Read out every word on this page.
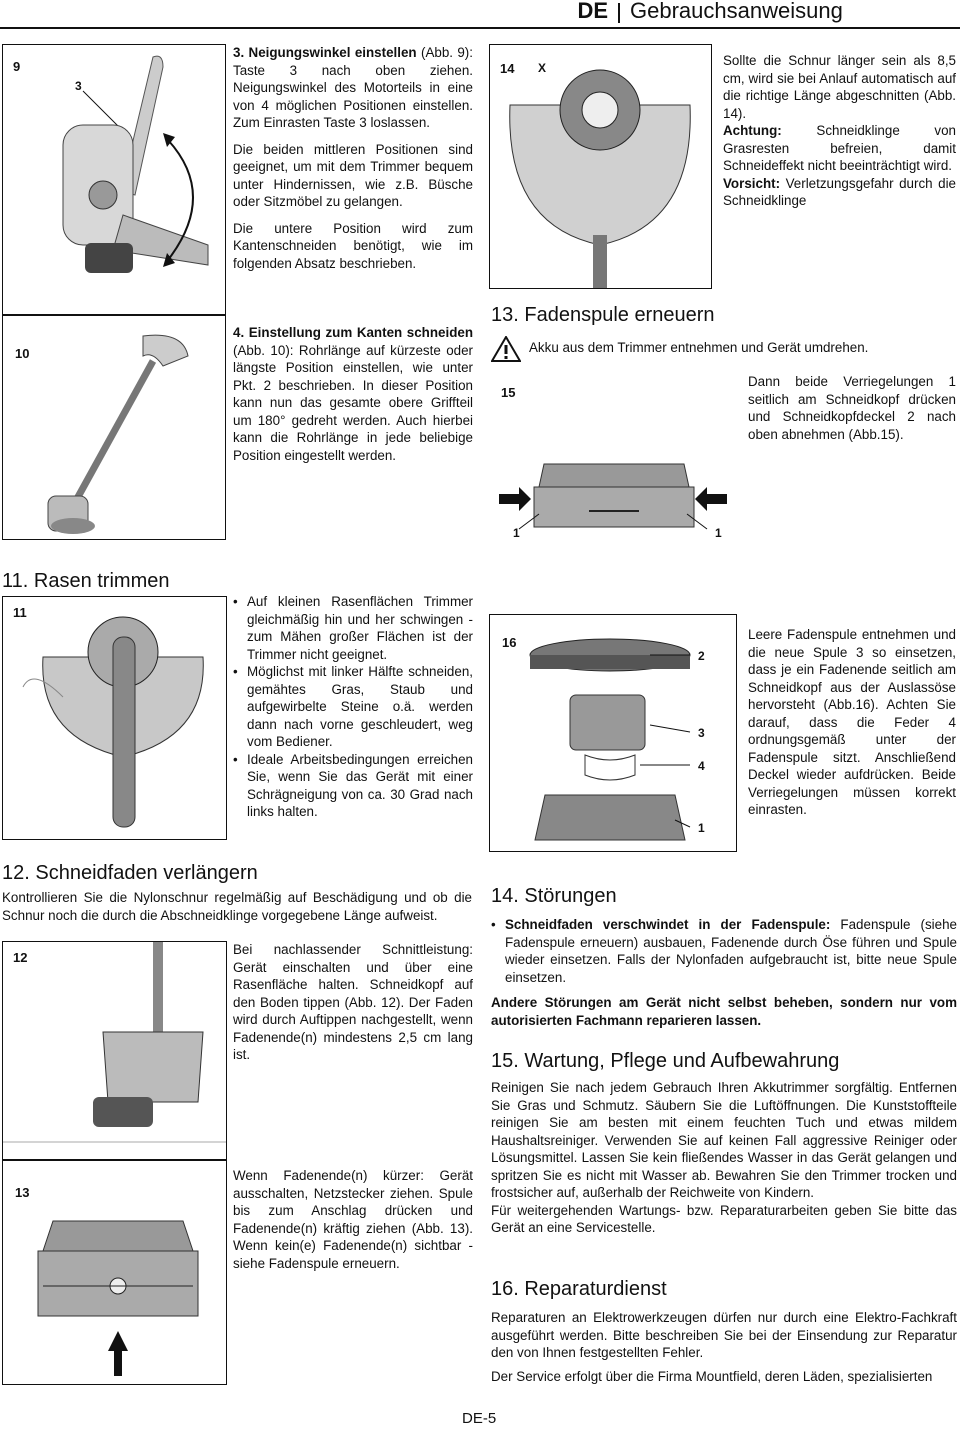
DE Gebrauchsanweisung
9
3
10

3. Neigungswinkel einstellen (Abb. 9): Taste 3 nach oben ziehen. Neigungswinkel des Motorteils in eine von 4 möglichen Positionen einstellen. Zum Einrasten Taste 3 loslassen.

Die beiden mittleren Positionen sind geeignet, um mit dem Trimmer bequem unter Hindernissen, wie z.B. Büsche oder Sitzmöbel zu gelangen.

Die untere Position wird zum Kantenschneiden benötigt, wie im folgenden Absatz beschrieben.

4. Einstellung zum Kanten schneiden (Abb. 10): Rohrlänge auf kürzeste oder längste Position einstellen, wie unter Pkt. 2 beschrieben. In dieser Position kann nun das gesamte obere Griffteil um 180° gedreht werden. Auch hierbei kann die Rohrlänge in jede beliebige Position eingestellt werden.

14 X	Sollte die Schnur länger sein als 8,5 cm, wird sie bei Anlauf automatisch auf die richtige Länge abgeschnitten (Abb. 14).

Achtung: Schneidklinge von Grasresten befreien, damit Schneideffekt nicht beeinträchtigt wird.

Vorsicht: Verletzungsgefahr durch die Schneidklinge

13. Fadenspule erneuern
Akku aus dem Trimmer entnehmen und Gerät umdrehen.
15
1	1
Dann beide Verriegelungen 1 seitlich am Schneidkopf drücken und Schneidkopfdeckel 2 nach oben abnehmen (Abb.15).
11. Rasen trimmen
11
• Auf kleinen Rasenflächen Trimmer gleichmäßig hin und her schwingen - zum Mähen großer Flächen ist der Trimmer nicht geeignet.
• Möglichst mit linker Hälfte schneiden, gemähtes Gras, Staub und aufgewirbelte Steine o.ä. werden dann nach vorne geschleudert, weg vom Bediener.
• Ideale Arbeitsbedingungen erreichen Sie, wenn Sie das Gerät mit einer Schrägneigung von ca. 30 Grad nach links halten.
16
2
3
4
1
Leere Fadenspule entnehmen und die neue Spule 3 so einsetzen, dass je ein Fadenende seitlich am Schneidkopf aus der Auslassöse hervorsteht (Abb.16). Achten Sie darauf, dass die Feder 4 ordnungsgemäß unter der Fadenspule sitzt. Anschließend Deckel wieder aufdrücken. Beide Verriegelungen müssen korrekt einrasten.
12. Schneidfaden verlängern
Kontrollieren Sie die Nylonschnur regelmäßig auf Beschädigung und ob die Schnur noch die durch die Abschneidklinge vorgegebene Länge aufweist.
12
Bei nachlassender Schnittleistung: Gerät einschalten und über eine Rasenfläche halten. Schneidkopf auf den Boden tippen (Abb. 12). Der Faden wird durch Auftippen nachgestellt, wenn Fadenende(n) mindestens 2,5 cm lang ist.
13
Wenn Fadenende(n) kürzer: Gerät ausschalten, Netzstecker ziehen. Spule bis zum Anschlag drücken und Fadenende(n) kräftig ziehen (Abb. 13). Wenn kein(e) Fadenende(n) sichtbar - siehe Fadenspule erneuern.
14. Störungen
• Schneidfaden verschwindet in der Fadenspule: Fadenspule (siehe Fadenspule erneuern) ausbauen, Fadenende durch Öse führen und Spule wieder einsetzen. Falls der Nylonfaden aufgebraucht ist, bitte neue Spule einsetzen.

Andere Störungen am Gerät nicht selbst beheben, sondern nur vom autorisierten Fachmann reparieren lassen.

15. Wartung, Pflege und Aufbewahrung

Reinigen Sie nach jedem Gebrauch Ihren Akkutrimmer sorgfältig. Entfernen Sie Gras und Schmutz. Säubern Sie die Luftöffnungen. Die Kunststoffteile reinigen Sie am besten mit einem feuchten Tuch und etwas mildem Haushaltsreiniger. Verwenden Sie auf keinen Fall aggressive Reiniger oder Lösungsmittel. Lassen Sie kein fließendes Wasser in das Gerät gelangen und spritzen Sie es nicht mit Wasser ab. Bewahren Sie den Trimmer trocken und frostsicher auf, außerhalb der Reichweite von Kindern.

Für weitergehenden Wartungs- bzw. Reparaturarbeiten geben Sie bitte das Gerät an eine Servicestelle.

16. Reparaturdienst

Reparaturen an Elektrowerkzeugen dürfen nur durch eine Elektro-Fachkraft ausgeführt werden. Bitte beschreiben Sie bei der Einsendung zur Reparatur den von Ihnen festgestellten Fehler.

Der Service erfolgt über die Firma Mountfield, deren Läden, spezialisierten

DE-5
